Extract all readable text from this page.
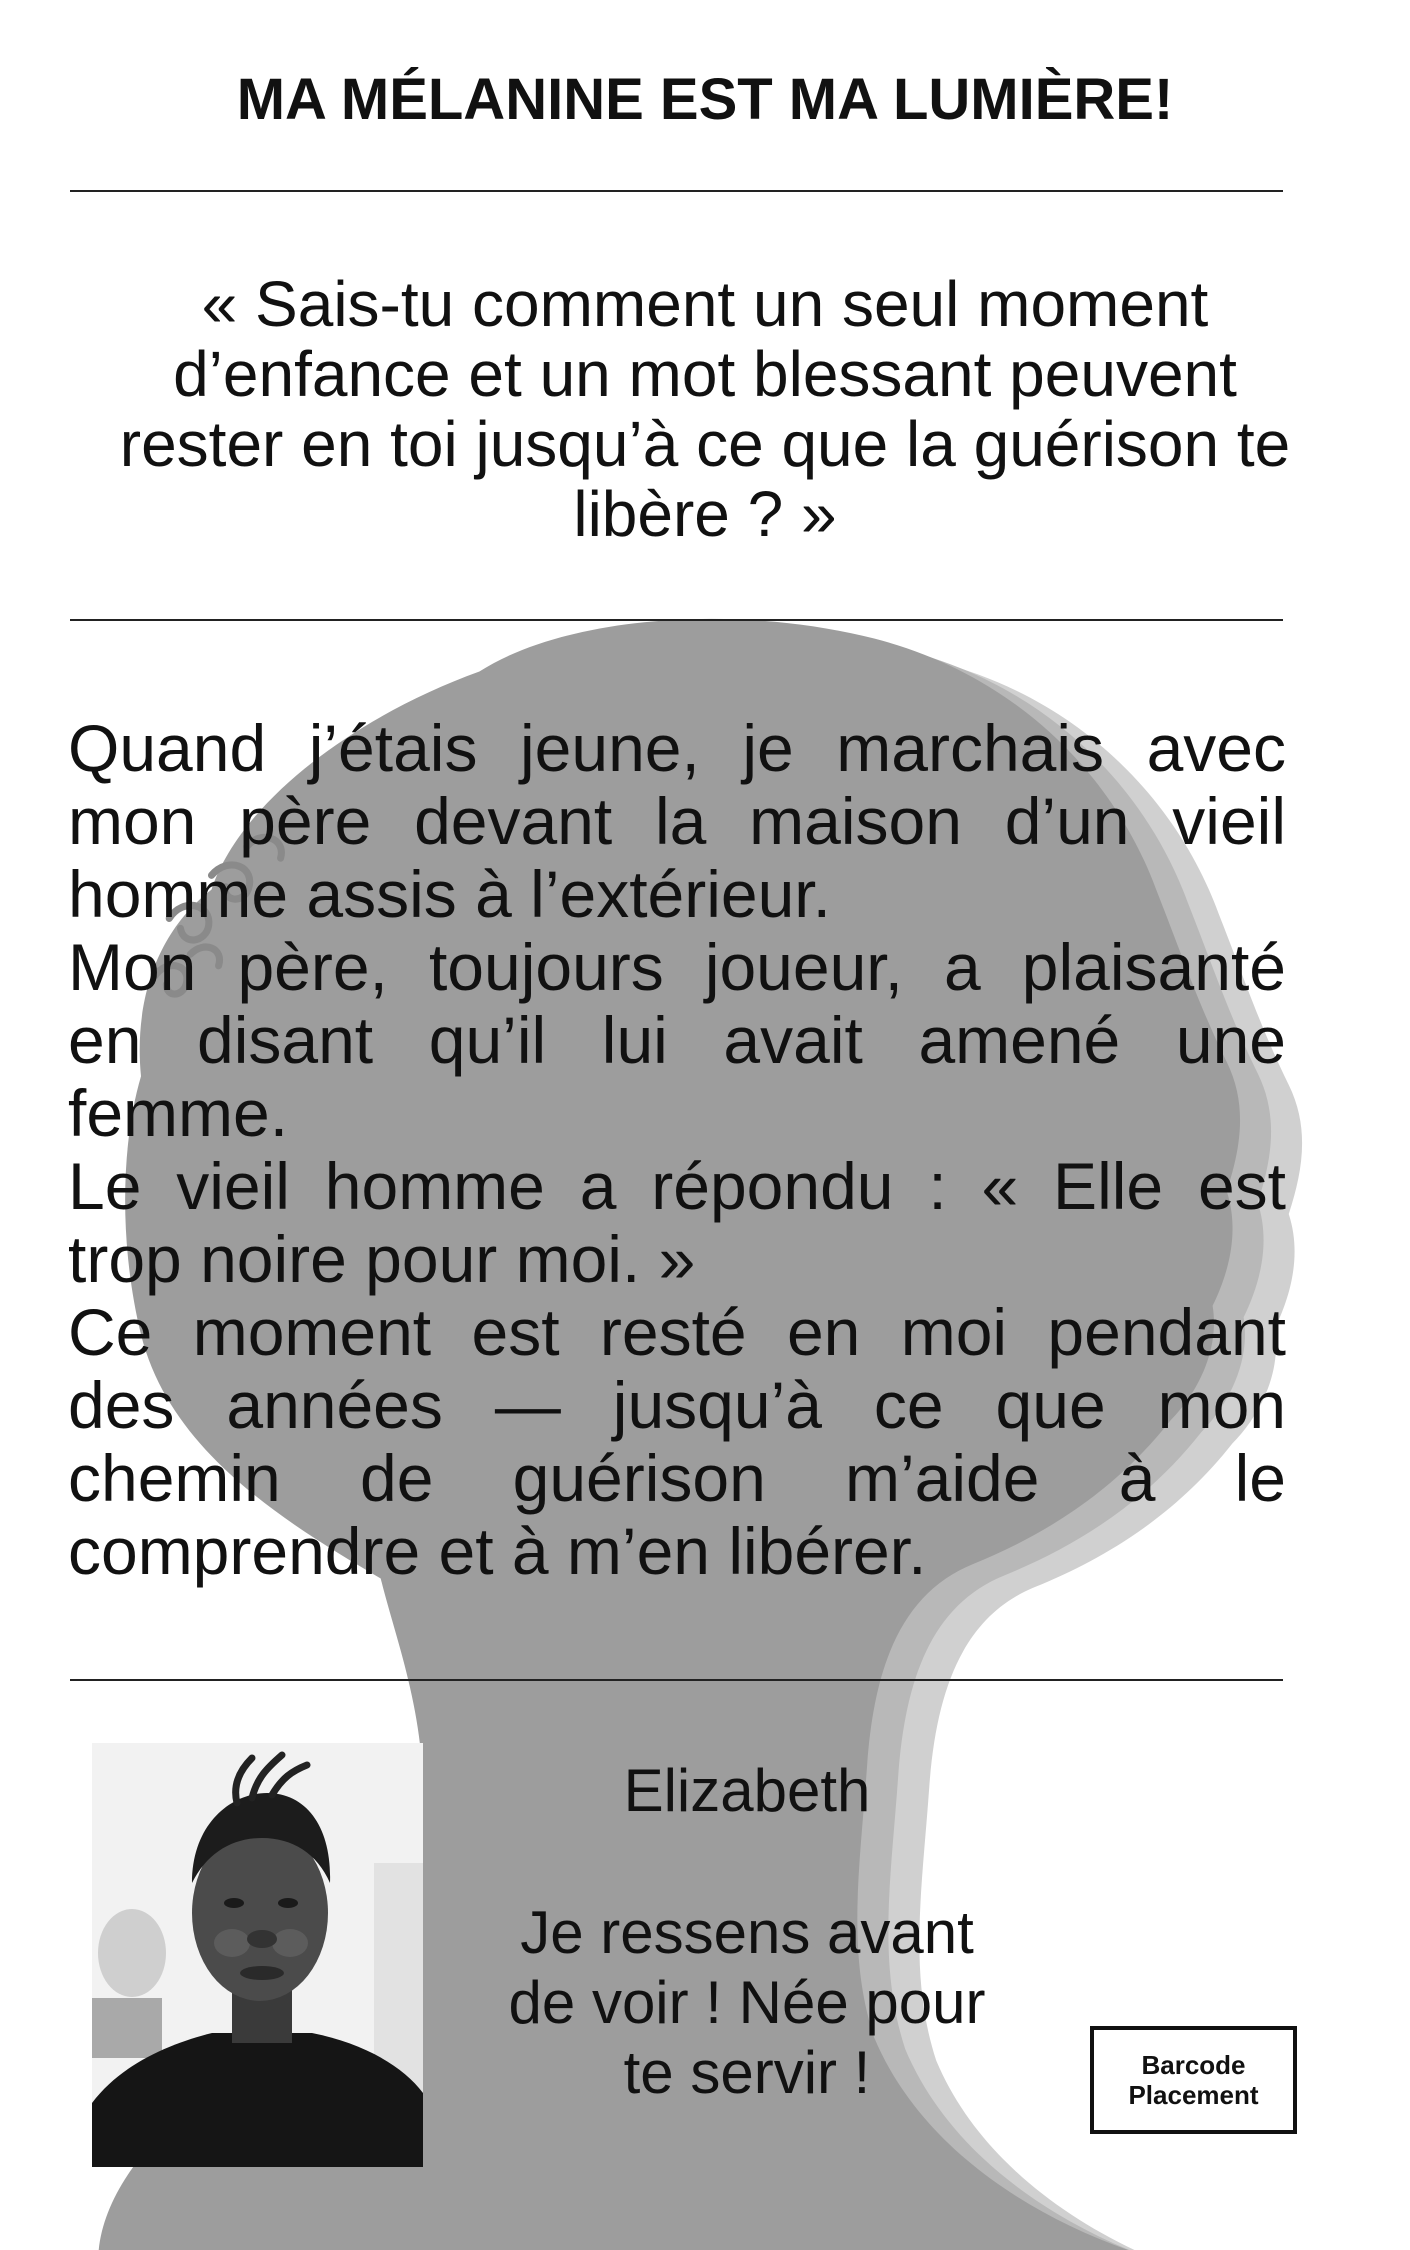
MA MÉLANINE EST MA LUMIÈRE!
« Sais-tu comment un seul moment
d’enfance et un mot blessant peuvent
rester en toi jusqu’à ce que la guérison te
libère ? »
Quand j’étais jeune, je marchais avec
mon père devant la maison d’un vieil
homme assis à l’extérieur.
Mon père, toujours joueur, a plaisanté
en disant qu’il lui avait amené une
femme.
Le vieil homme a répondu : « Elle est
trop noire pour moi. »
Ce moment est resté en moi pendant
des années — jusqu’à ce que mon
chemin de guérison m’aide à le
comprendre et à m’en libérer.
Elizabeth
Je ressens avant
de voir ! Née pour
te servir !	Barcode
Placement
